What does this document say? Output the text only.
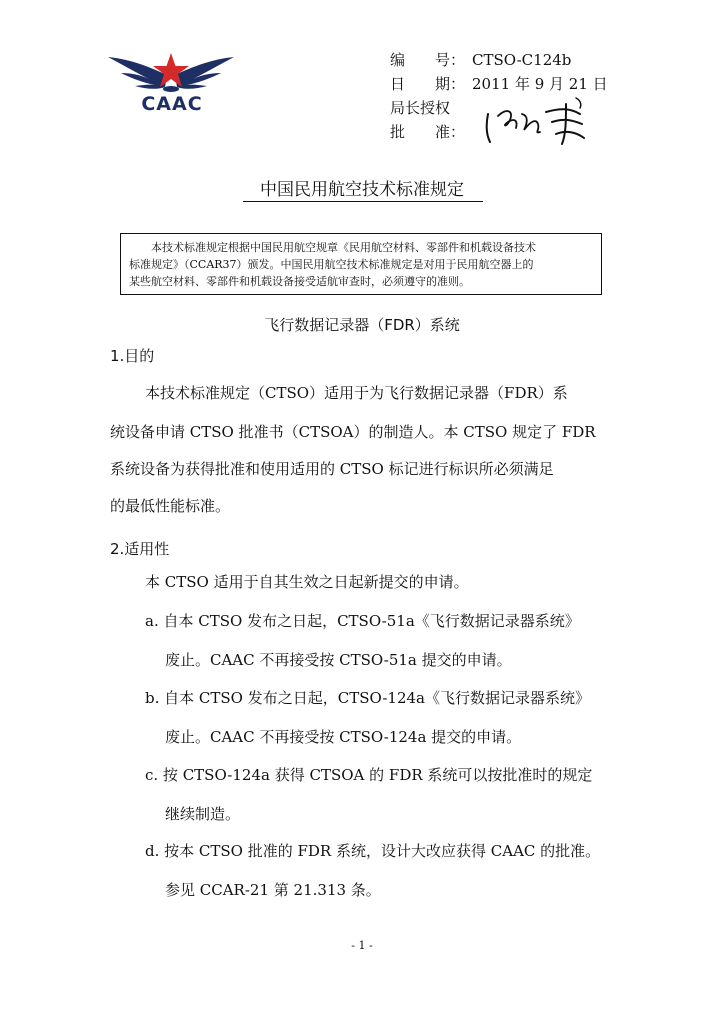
CAAC
编　　号： CTSO-C124b
日　　期： 2011 年 9 月 21 日
局长授权
批　　准：
中国民用航空技术标准规定
本技术标准规定根据中国民用航空规章《民用航空材料、零部件和机载设备技术
标准规定》（CCAR37）颁发。中国民用航空技术标准规定是对用于民用航空器上的
某些航空材料、零部件和机载设备接受适航审查时，必须遵守的准则。
飞行数据记录器（FDR）系统
1.目的
本技术标准规定（CTSO）适用于为飞行数据记录器（FDR）系
统设备申请 CTSO 批准书（CTSOA）的制造人。本 CTSO 规定了 FDR
系统设备为获得批准和使用适用的 CTSO 标记进行标识所必须满足
的最低性能标准。
2.适用性
本 CTSO 适用于自其生效之日起新提交的申请。
a. 自本 CTSO 发布之日起，CTSO-51a《飞行数据记录器系统》
废止。CAAC 不再接受按 CTSO-51a 提交的申请。
b. 自本 CTSO 发布之日起，CTSO-124a《飞行数据记录器系统》
废止。CAAC 不再接受按 CTSO-124a 提交的申请。
c. 按 CTSO-124a 获得 CTSOA 的 FDR 系统可以按批准时的规定
继续制造。
d. 按本 CTSO 批准的 FDR 系统，设计大改应获得 CAAC 的批准。
参见 CCAR-21 第 21.313 条。
- 1 -
